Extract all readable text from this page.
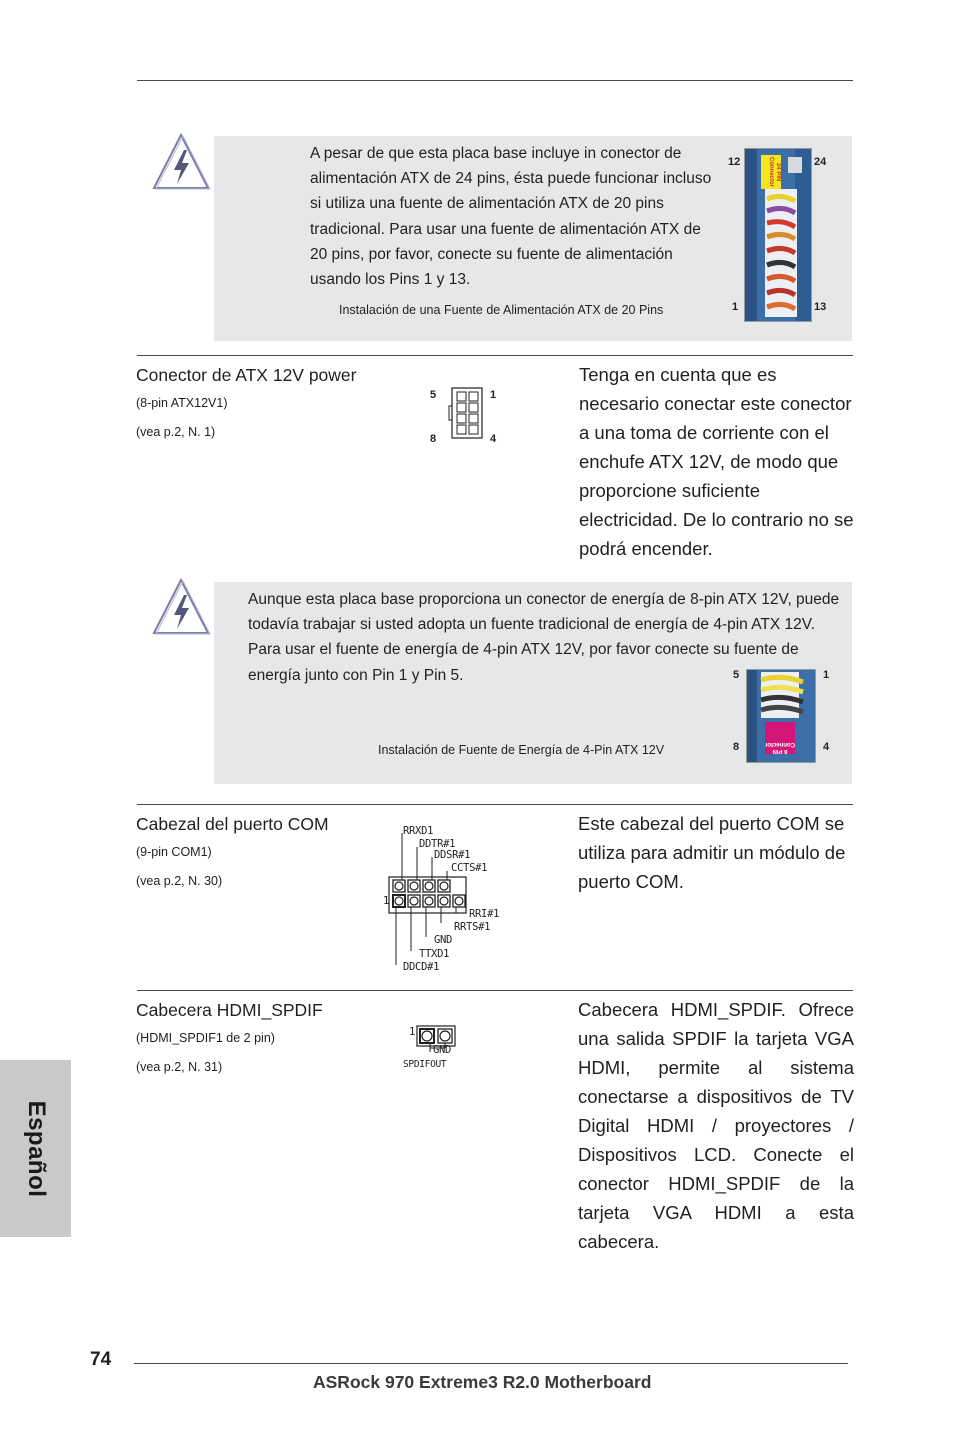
A pesar de que esta placa base incluye in conector de alimentación ATX de 24 pins, ésta puede funcionar incluso si utiliza una fuente de alimentación ATX de 20 pins tradicional. Para usar una fuente de alimentación ATX de 20 pins, por favor, conecte su fuente de alimentación usando los Pins 1 y 13.
Instalación de una Fuente de Alimentación ATX de 20 Pins
12	24
1	13
24 PIN Connector
Conector de ATX 12V power
(8-pin ATX12V1)
(vea p.2, N. 1)
5	1
8	4
Tenga en cuenta que es necesario conectar este conector a una toma de corriente con el enchufe ATX 12V, de modo que proporcione suficiente electricidad. De lo contrario no se podrá encender.
Aunque esta placa base proporciona un conector de energía de 8-pin ATX 12V, puede todavía trabajar si usted adopta un fuente tradicional de energía de 4-pin ATX 12V. Para usar el fuente de energía de 4-pin ATX 12V, por favor conecte su fuente de energía junto con Pin 1 y Pin 5.
Instalación de Fuente de Energía de 4-Pin ATX 12V
5	1
8	4
8 PIN Connector
Cabezal del puerto COM
(9-pin COM1)
(vea p.2, N. 30)
1
RRXD1
DDTR#1
DDSR#1
CCTS#1
RRI#1
RRTS#1
GND
TTXD1
DDCD#1
Este cabezal del puerto COM se utiliza para admitir un módulo de puerto COM.
Cabecera HDMI_SPDIF
(HDMI_SPDIF1 de 2 pin)
(vea p.2, N. 31)
1
GND
SPDIFOUT
Cabecera HDMI_SPDIF. Ofrece una salida SPDIF la tarjeta VGA HDMI, permite al sistema conectarse a dispositivos de TV Digital HDMI / proyectores / Dispositivos LCD. Conecte el conector HDMI_SPDIF de la tarjeta VGA HDMI a esta cabecera.
Español
74
ASRock 970 Extreme3 R2.0 Motherboard
